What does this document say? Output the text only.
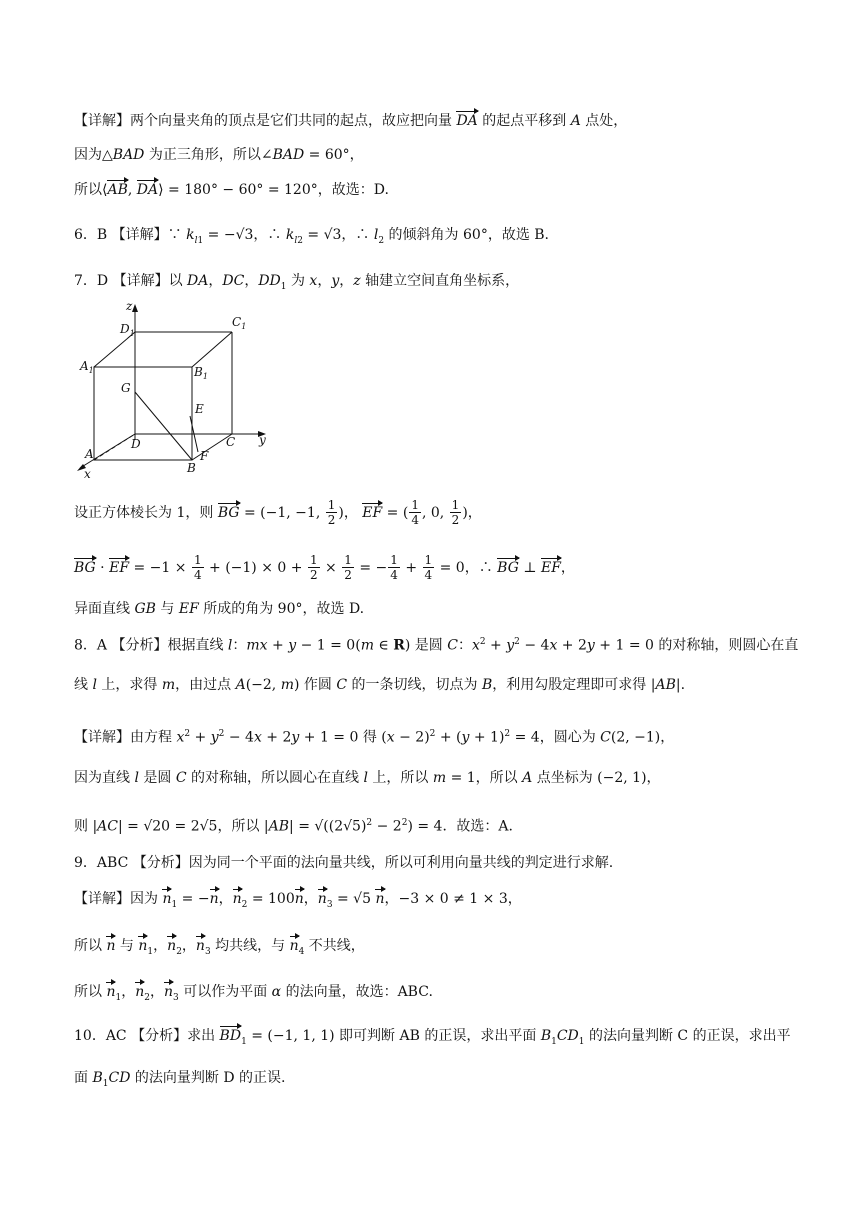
【详解】两个向量夹角的顶点是它们共同的起点，故应把向量 DA 的起点平移到 A 点处，
因为△BAD 为正三角形，所以∠BAD = 60°，
所以⟨AB, DA⟩ = 180° − 60° = 120°，故选：D.
6．B 【详解】∵ $k_{l1} = -√3$，∴ $k_{l2} = √3$，∴ $l_2$ 的倾斜角为 60°，故选 B.
7．D 【详解】以 DA，DC，$DD_1$ 为 x，y，z 轴建立空间直角坐标系，
z
y
x
$D_1$
$C_1$
$A_1$	$B_1$
G
E
D	C
A
B
F
设正方体棱长为 1，则 BG = (−1, −1, $\frac{1}{2}$ )， EF = ( $\frac{1}{4}$ , 0, $\frac{1}{2}$ )，
BG · EF = $-1 \times \frac{1}{4} + (-1) \times 0 + \frac{1}{2} \times \frac{1}{2}$ = − $\frac{1}{4} + \frac{1}{4} = 0$，∴ BG ⊥ EF，
异面直线 GB 与 EF 所成的角为 90°，故选 D.
8．A 【分析】根据直线 l：mx + y − 1 = 0(m ∈ R) 是圆 C：$x^2 + y^2 - 4x + 2y + 1 = 0$ 的对称轴，则圆心在直
线 l 上，求得 m，由过点 A(−2, m) 作圆 C 的一条切线，切点为 B，利用勾股定理即可求得 |AB|.
【详解】由方程 $x^2 + y^2 - 4x + 2y + 1 = 0$ 得 $(x - 2)^2 + (y + 1)^2 = 4$，圆心为 C(2, −1)，
因为直线 l 是圆 C 的对称轴，所以圆心在直线 l 上，所以 m = 1，所以 A 点坐标为 (−2, 1)，
则 |AC| = √20 = 2√5，所以 $|AB| = √((2√5)^2 - 2^2) = 4$．故选：A.
9．ABC 【分析】因为同一个平面的法向量共线，所以可利用向量共线的判定进行求解.
【详解】因为 $n_1 = -n$，$n_2 = 100n$，$n_3 = √5$ n，−3 × 0 ≠ 1 × 3，
所以 n 与 $n_1$，$n_2$，$n_3$ 均共线，与 $n_4$ 不共线，
所以 $n_1$，$n_2$，$n_3$ 可以作为平面 α 的法向量，故选：ABC.
10．AC 【分析】求出 $BD_1 = (-1$, 1, 1) 即可判断 AB 的正误，求出平面 $B_1CD_1$ 的法向量判断 C 的正误，求出平
面 $B_1CD$ 的法向量判断 D 的正误.
